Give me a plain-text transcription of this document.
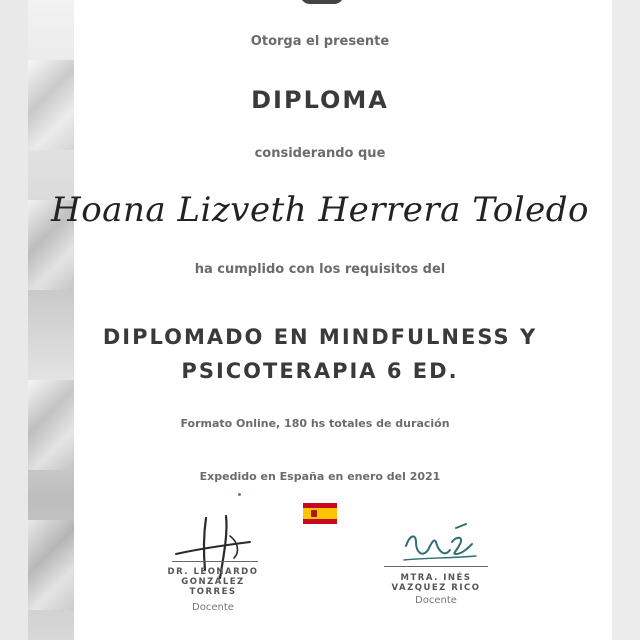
Otorga el presente

DIPLOMA

considerando que

Hoana Lizveth Herrera Toledo

ha cumplido con los requisitos del

DIPLOMADO EN MINDFULNESS Y

PSICOTERAPIA 6 ED.

Formato Online, 180 hs totales de duración

Expedido en España en enero del 2021

DR. LEONARDO
GONZÁLEZ
TORRES
Docente
MTRA. INÉS
VAZQUEZ RICO
Docente
